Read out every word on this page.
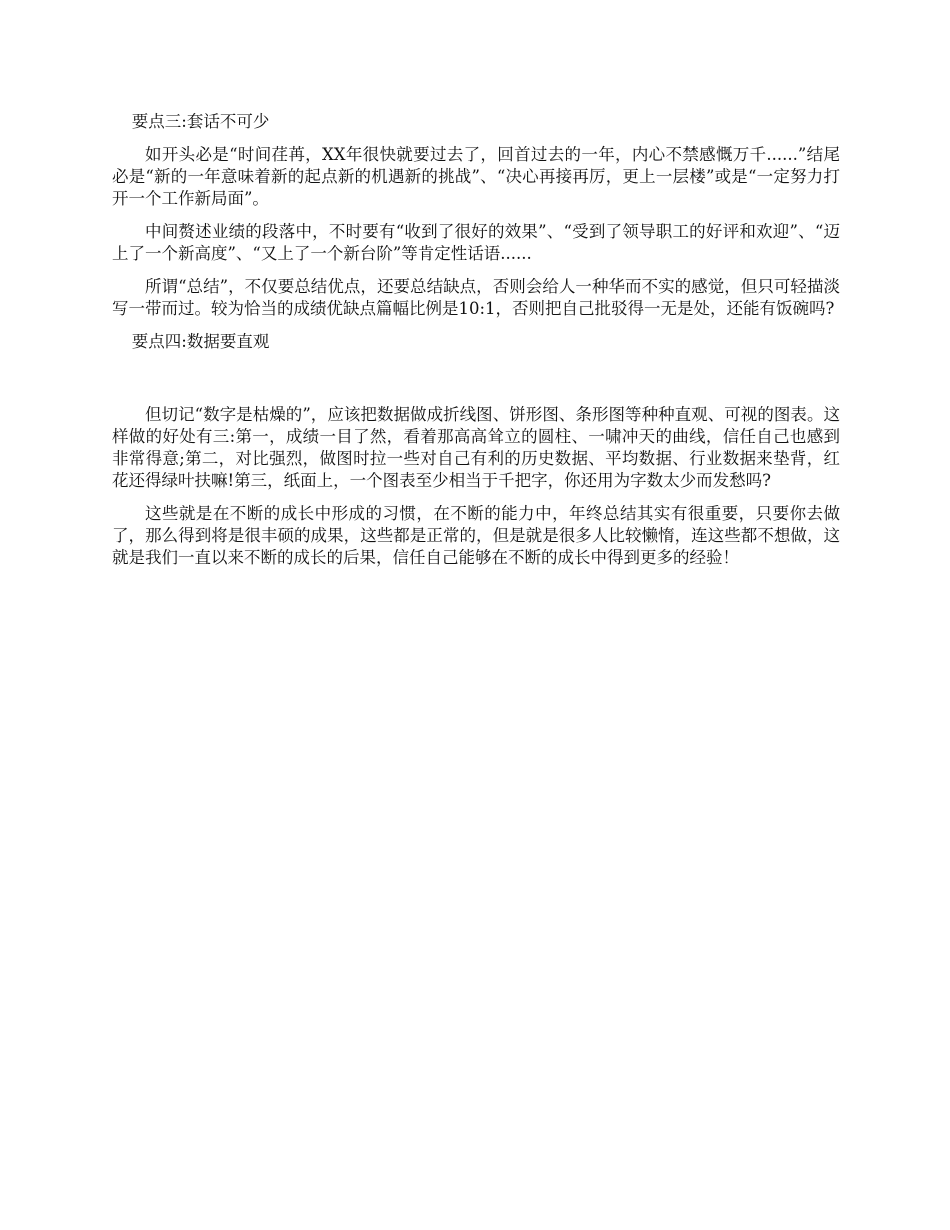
要点三:套话不可少

如开头必是“时间荏苒，XX年很快就要过去了，回首过去的一年，内心不禁感慨万千......”结尾必是“新的一年意味着新的起点新的机遇新的挑战”、“决心再接再厉，更上一层楼”或是“一定努力打开一个工作新局面”。

中间赘述业绩的段落中，不时要有“收到了很好的效果”、“受到了领导职工的好评和欢迎”、“迈上了一个新高度”、“又上了一个新台阶”等肯定性话语......

所谓“总结”，不仅要总结优点，还要总结缺点，否则会给人一种华而不实的感觉，但只可轻描淡写一带而过。较为恰当的成绩优缺点篇幅比例是10:1，否则把自己批驳得一无是处，还能有饭碗吗?

要点四:数据要直观

但切记“数字是枯燥的”，应该把数据做成折线图、饼形图、条形图等种种直观、可视的图表。这样做的好处有三:第一，成绩一目了然，看着那高高耸立的圆柱、一啸冲天的曲线，信任自己也感到非常得意;第二，对比强烈，做图时拉一些对自己有利的历史数据、平均数据、行业数据来垫背，红花还得绿叶扶嘛!第三，纸面上，一个图表至少相当于千把字，你还用为字数太少而发愁吗?

这些就是在不断的成长中形成的习惯，在不断的能力中，年终总结其实有很重要，只要你去做了，那么得到将是很丰硕的成果，这些都是正常的，但是就是很多人比较懒惰，连这些都不想做，这就是我们一直以来不断的成长的后果，信任自己能够在不断的成长中得到更多的经验！
